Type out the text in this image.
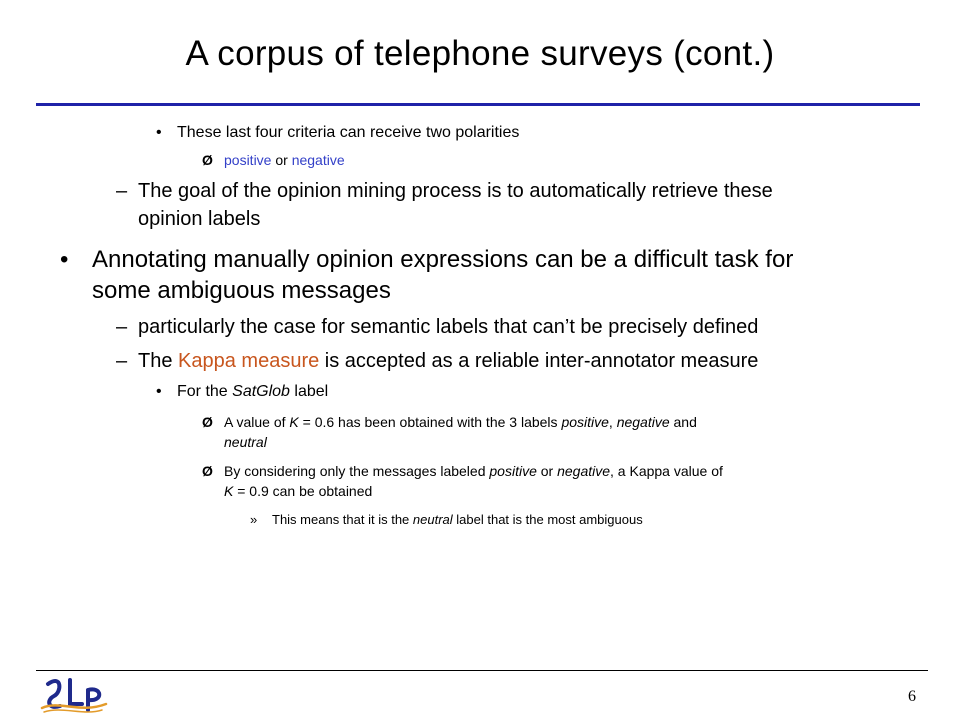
A corpus of telephone surveys (cont.)
• These last four criteria can receive two polarities
Ø positive or negative
– The goal of the opinion mining process is to automatically retrieve these
opinion labels
• Annotating manually opinion expressions can be a difficult task for
some ambiguous messages
– particularly the case for semantic labels that can’t be precisely defined
– The Kappa measure is accepted as a reliable inter-annotator measure
• For the SatGlob label
Ø A value of K = 0.6 has been obtained with the 3 labels positive, negative and
neutral
Ø By considering only the messages labeled positive or negative, a Kappa value of
K = 0.9 can be obtained
» This means that it is the neutral label that is the most ambiguous
6
